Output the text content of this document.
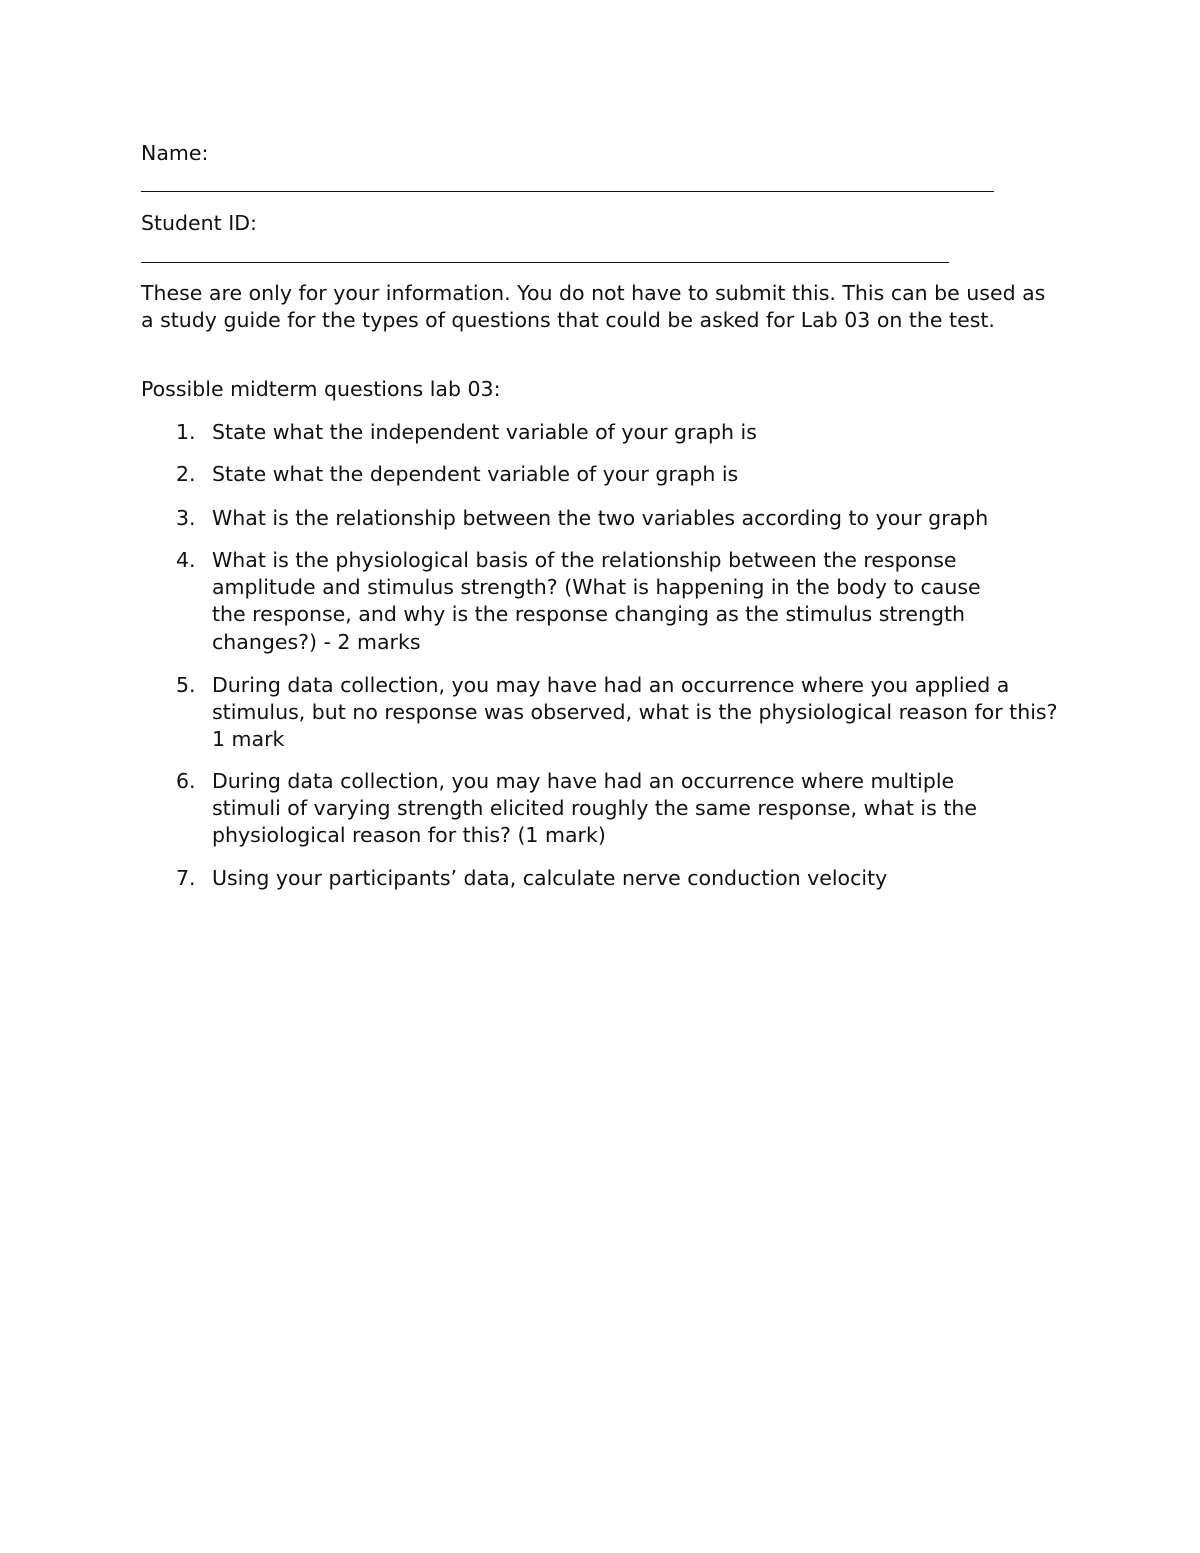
Name:

Student ID:

These are only for your information. You do not have to submit this. This can be used as a study guide for the types of questions that could be asked for Lab 03 on the test.

Possible midterm questions lab 03:

1. State what the independent variable of your graph is
2. State what the dependent variable of your graph is
3. What is the relationship between the two variables according to your graph
4. What is the physiological basis of the relationship between the response amplitude and stimulus strength? (What is happening in the body to cause the response, and why is the response changing as the stimulus strength changes?) - 2 marks
5. During data collection, you may have had an occurrence where you applied a stimulus, but no response was observed, what is the physiological reason for this? 1 mark
6. During data collection, you may have had an occurrence where multiple stimuli of varying strength elicited roughly the same response, what is the physiological reason for this? (1 mark)
7. Using your participants’ data, calculate nerve conduction velocity
